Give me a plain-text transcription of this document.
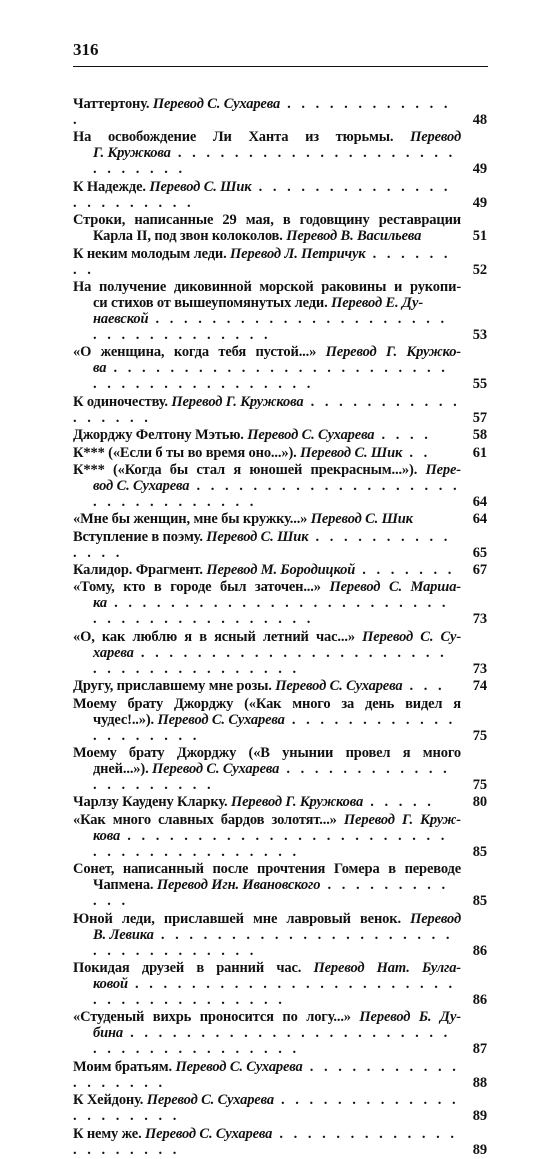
316
Чаттертону. Перевод С. Сухарева . . . . . . . . . . . . .	48
На освобождение Ли Ханта из тюрьмы. Перевод
Г. Кружкова . . . . . . . . . . . . . . . . . . . . . . . . . . .	49
К Надежде. Перевод С. Шик . . . . . . . . . . . . . . . . . . . . . . .	49
Строки, написанные 29 мая, в годовщину реставрации
Карла II, под звон колоколов. Перевод В. Васильева	51
К неким молодым леди. Перевод Л. Петричук . . . . . . . .	52
На получение диковинной морской раковины и рукопи-
си стихов от вышеупомянутых леди. Перевод Е. Ду-
наевской . . . . . . . . . . . . . . . . . . . . . . . . . . . . . . . . . .	53
«О женщина, когда тебя пустой...» Перевод Г. Кружко-
ва . . . . . . . . . . . . . . . . . . . . . . . . . . . . . . . . . . . . . . . .	55
К одиночеству. Перевод Г. Кружкова . . . . . . . . . . . . . . . . .	57
Джорджу Фелтону Мэтью. Перевод С. Сухарева . . . .	58
К*** («Если б ты во время оно...»). Перевод С. Шик . .	61
К*** («Когда бы стал я юношей прекрасным...»). Пере-
вод С. Сухарева . . . . . . . . . . . . . . . . . . . . . . . . . . . . . . .	64
«Мне бы женщин, мне бы кружку...» Перевод С. Шик	64
Вступление в поэму. Перевод С. Шик . . . . . . . . . . . . . .	65
Калидор. Фрагмент. Перевод М. Бородицкой . . . . . . .	67
«Тому, кто в городе был заточен...» Перевод С. Марша-
ка . . . . . . . . . . . . . . . . . . . . . . . . . . . . . . . . . . . . . . . .	73
«О, как люблю я в ясный летний час...» Перевод С. Су-
харева . . . . . . . . . . . . . . . . . . . . . . . . . . . . . . . . . . . . .	73
Другу, приславшему мне розы. Перевод С. Сухарева . . .	74
Моему брату Джорджу («Как много за день видел я
чудес!..»). Перевод С. Сухарева . . . . . . . . . . . . . . . . . . . .	75
Моему брату Джорджу («В унынии провел я много
дней...»). Перевод С. Сухарева . . . . . . . . . . . . . . . . . . . . .	75
Чарлзу Каудену Кларку. Перевод Г. Кружкова . . . . .	80
«Как много славных бардов золотят...» Перевод Г. Круж-
кова . . . . . . . . . . . . . . . . . . . . . . . . . . . . . . . . . . . . . .	85
Сонет, написанный после прочтения Гомера в переводе
Чапмена. Перевод Игн. Ивановского . . . . . . . . . . . .	85
Юной леди, приславшей мне лавровый венок. Перевод
В. Левика . . . . . . . . . . . . . . . . . . . . . . . . . . . . . . . . .	86
Покидая друзей в ранний час. Перевод Нат. Булга-
ковой . . . . . . . . . . . . . . . . . . . . . . . . . . . . . . . . . . . . .	86
«Студеный вихрь проносится по логу...» Перевод Б. Ду-
бина . . . . . . . . . . . . . . . . . . . . . . . . . . . . . . . . . . . . . .	87
Моим братьям. Перевод С. Сухарева . . . . . . . . . . . . . . . . . .	88
К Хейдону. Перевод С. Сухарева . . . . . . . . . . . . . . . . . . . . .	89
К нему же. Перевод С. Сухарева . . . . . . . . . . . . . . . . . . . . .	89
